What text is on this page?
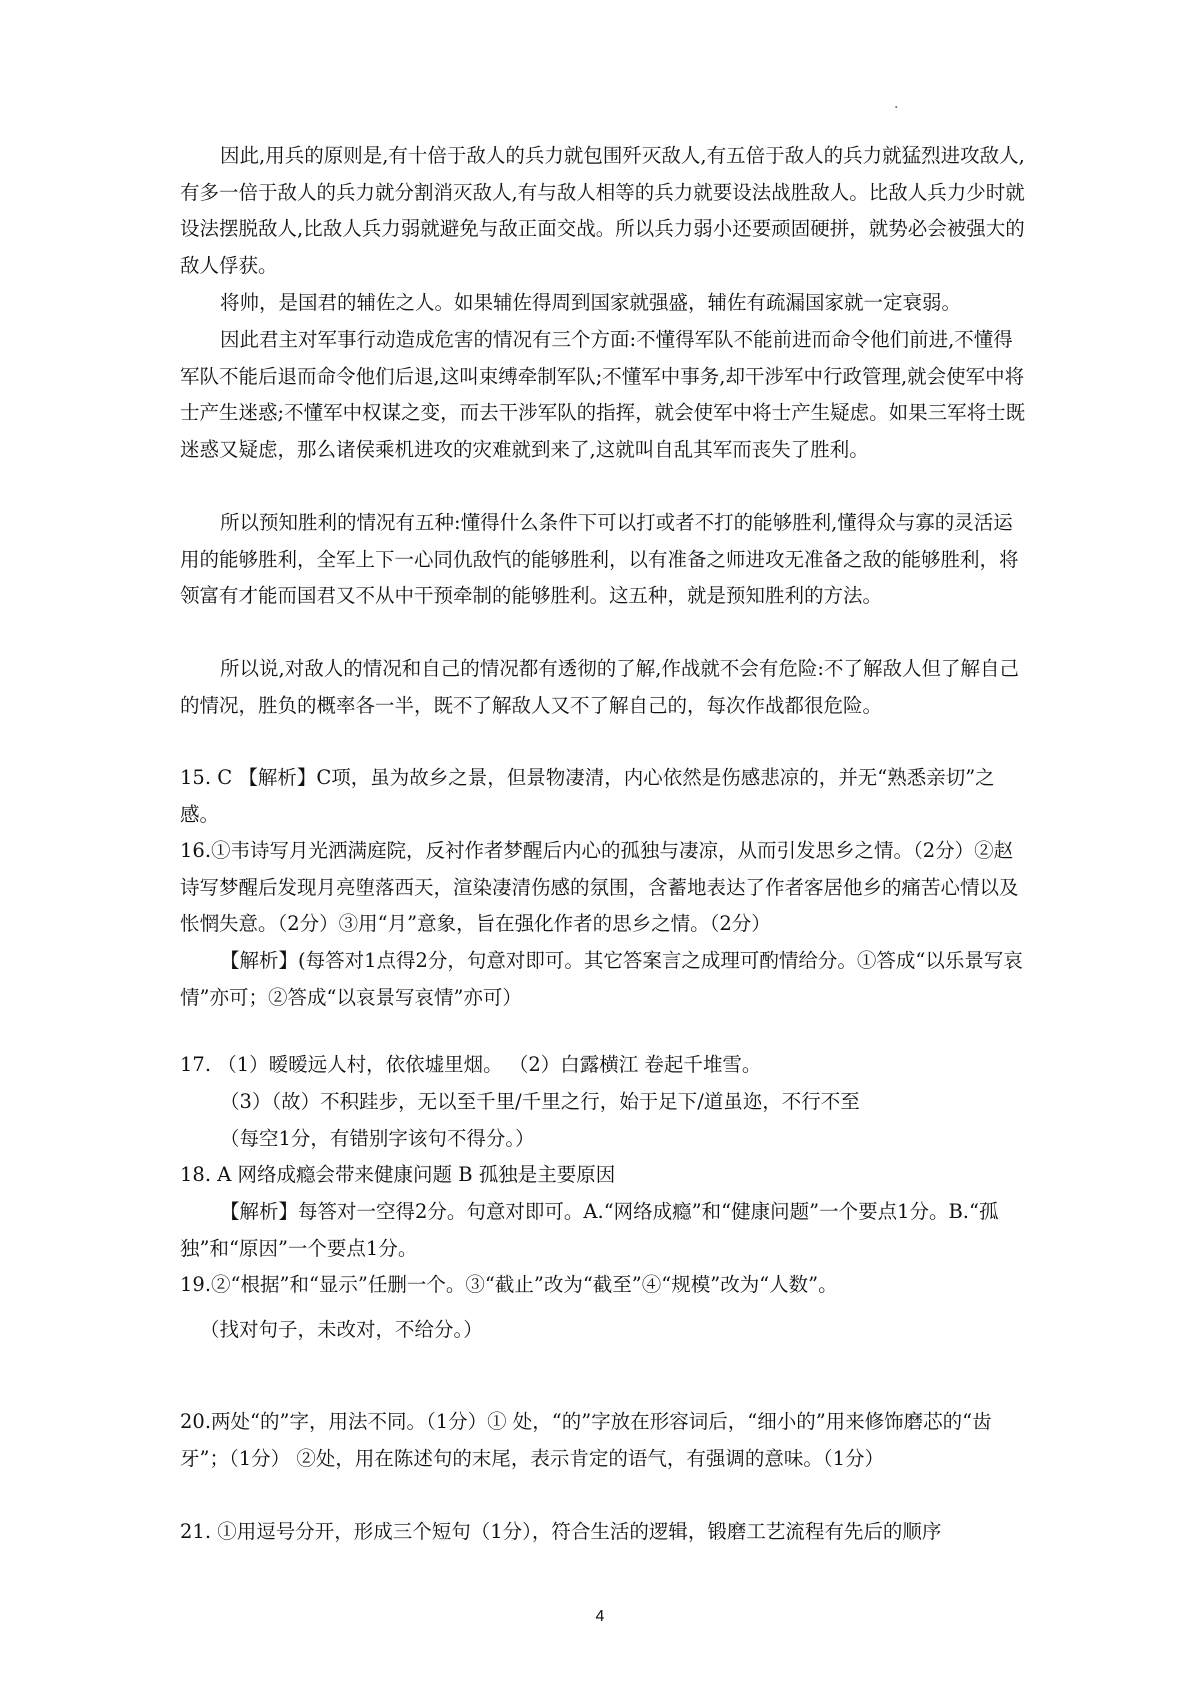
·

因此,用兵的原则是,有十倍于敌人的兵力就包围歼灭敌人,有五倍于敌人的兵力就猛烈进攻敌人,有多一倍于敌人的兵力就分割消灭敌人,有与敌人相等的兵力就要设法战胜敌人。比敌人兵力少时就设法摆脱敌人,比敌人兵力弱就避免与敌正面交战。所以兵力弱小还要顽固硬拼，就势必会被强大的敌人俘获。

将帅，是国君的辅佐之人。如果辅佐得周到国家就强盛，辅佐有疏漏国家就一定衰弱。

因此君主对军事行动造成危害的情况有三个方面:不懂得军队不能前进而命令他们前进,不懂得军队不能后退而命令他们后退,这叫束缚牵制军队;不懂军中事务,却干涉军中行政管理,就会使军中将士产生迷惑;不懂军中权谋之变，而去干涉军队的指挥，就会使军中将士产生疑虑。如果三军将士既迷惑又疑虑，那么诸侯乘机进攻的灾难就到来了,这就叫自乱其军而丧失了胜利。

所以预知胜利的情况有五种:懂得什么条件下可以打或者不打的能够胜利,懂得众与寡的灵活运用的能够胜利，全军上下一心同仇敌忾的能够胜利，以有准备之师进攻无准备之敌的能够胜利，将领富有才能而国君又不从中干预牵制的能够胜利。这五种，就是预知胜利的方法。

所以说,对敌人的情况和自己的情况都有透彻的了解,作战就不会有危险:不了解敌人但了解自己的情况，胜负的概率各一半，既不了解敌人又不了解自己的，每次作战都很危险。

15. C 【解析】C项，虽为故乡之景，但景物凄清，内心依然是伤感悲凉的，并无“熟悉亲切”之感。

16.①韦诗写月光洒满庭院，反衬作者梦醒后内心的孤独与凄凉，从而引发思乡之情。（2分）②赵诗写梦醒后发现月亮堕落西天，渲染凄清伤感的氛围，含蓄地表达了作者客居他乡的痛苦心情以及怅惘失意。（2分）③用“月”意象，旨在强化作者的思乡之情。（2分）

【解析】(每答对1点得2分，句意对即可。其它答案言之成理可酌情给分。①答成“以乐景写哀情”亦可；②答成“以哀景写哀情”亦可）

17. （1）暧暧远人村，依依墟里烟。 （2）白露横江 卷起千堆雪。

（3）（故）不积跬步，无以至千里/千里之行，始于足下/道虽迩，不行不至

（每空1分，有错别字该句不得分。）

18. A 网络成瘾会带来健康问题 B 孤独是主要原因

【解析】每答对一空得2分。句意对即可。A.“网络成瘾”和“健康问题”一个要点1分。B.“孤独”和“原因”一个要点1分。

19.②“根据”和“显示”任删一个。③“截止”改为“截至”④“规模”改为“人数”。

（找对句子，未改对，不给分。）

20.两处“的”字，用法不同。（1分）① 处，“的”字放在形容词后，“细小的”用来修饰磨芯的“齿牙”；（1分） ②处，用在陈述句的末尾，表示肯定的语气，有强调的意味。（1分）

21. ①用逗号分开，形成三个短句（1分），符合生活的逻辑，锻磨工艺流程有先后的顺序

4
